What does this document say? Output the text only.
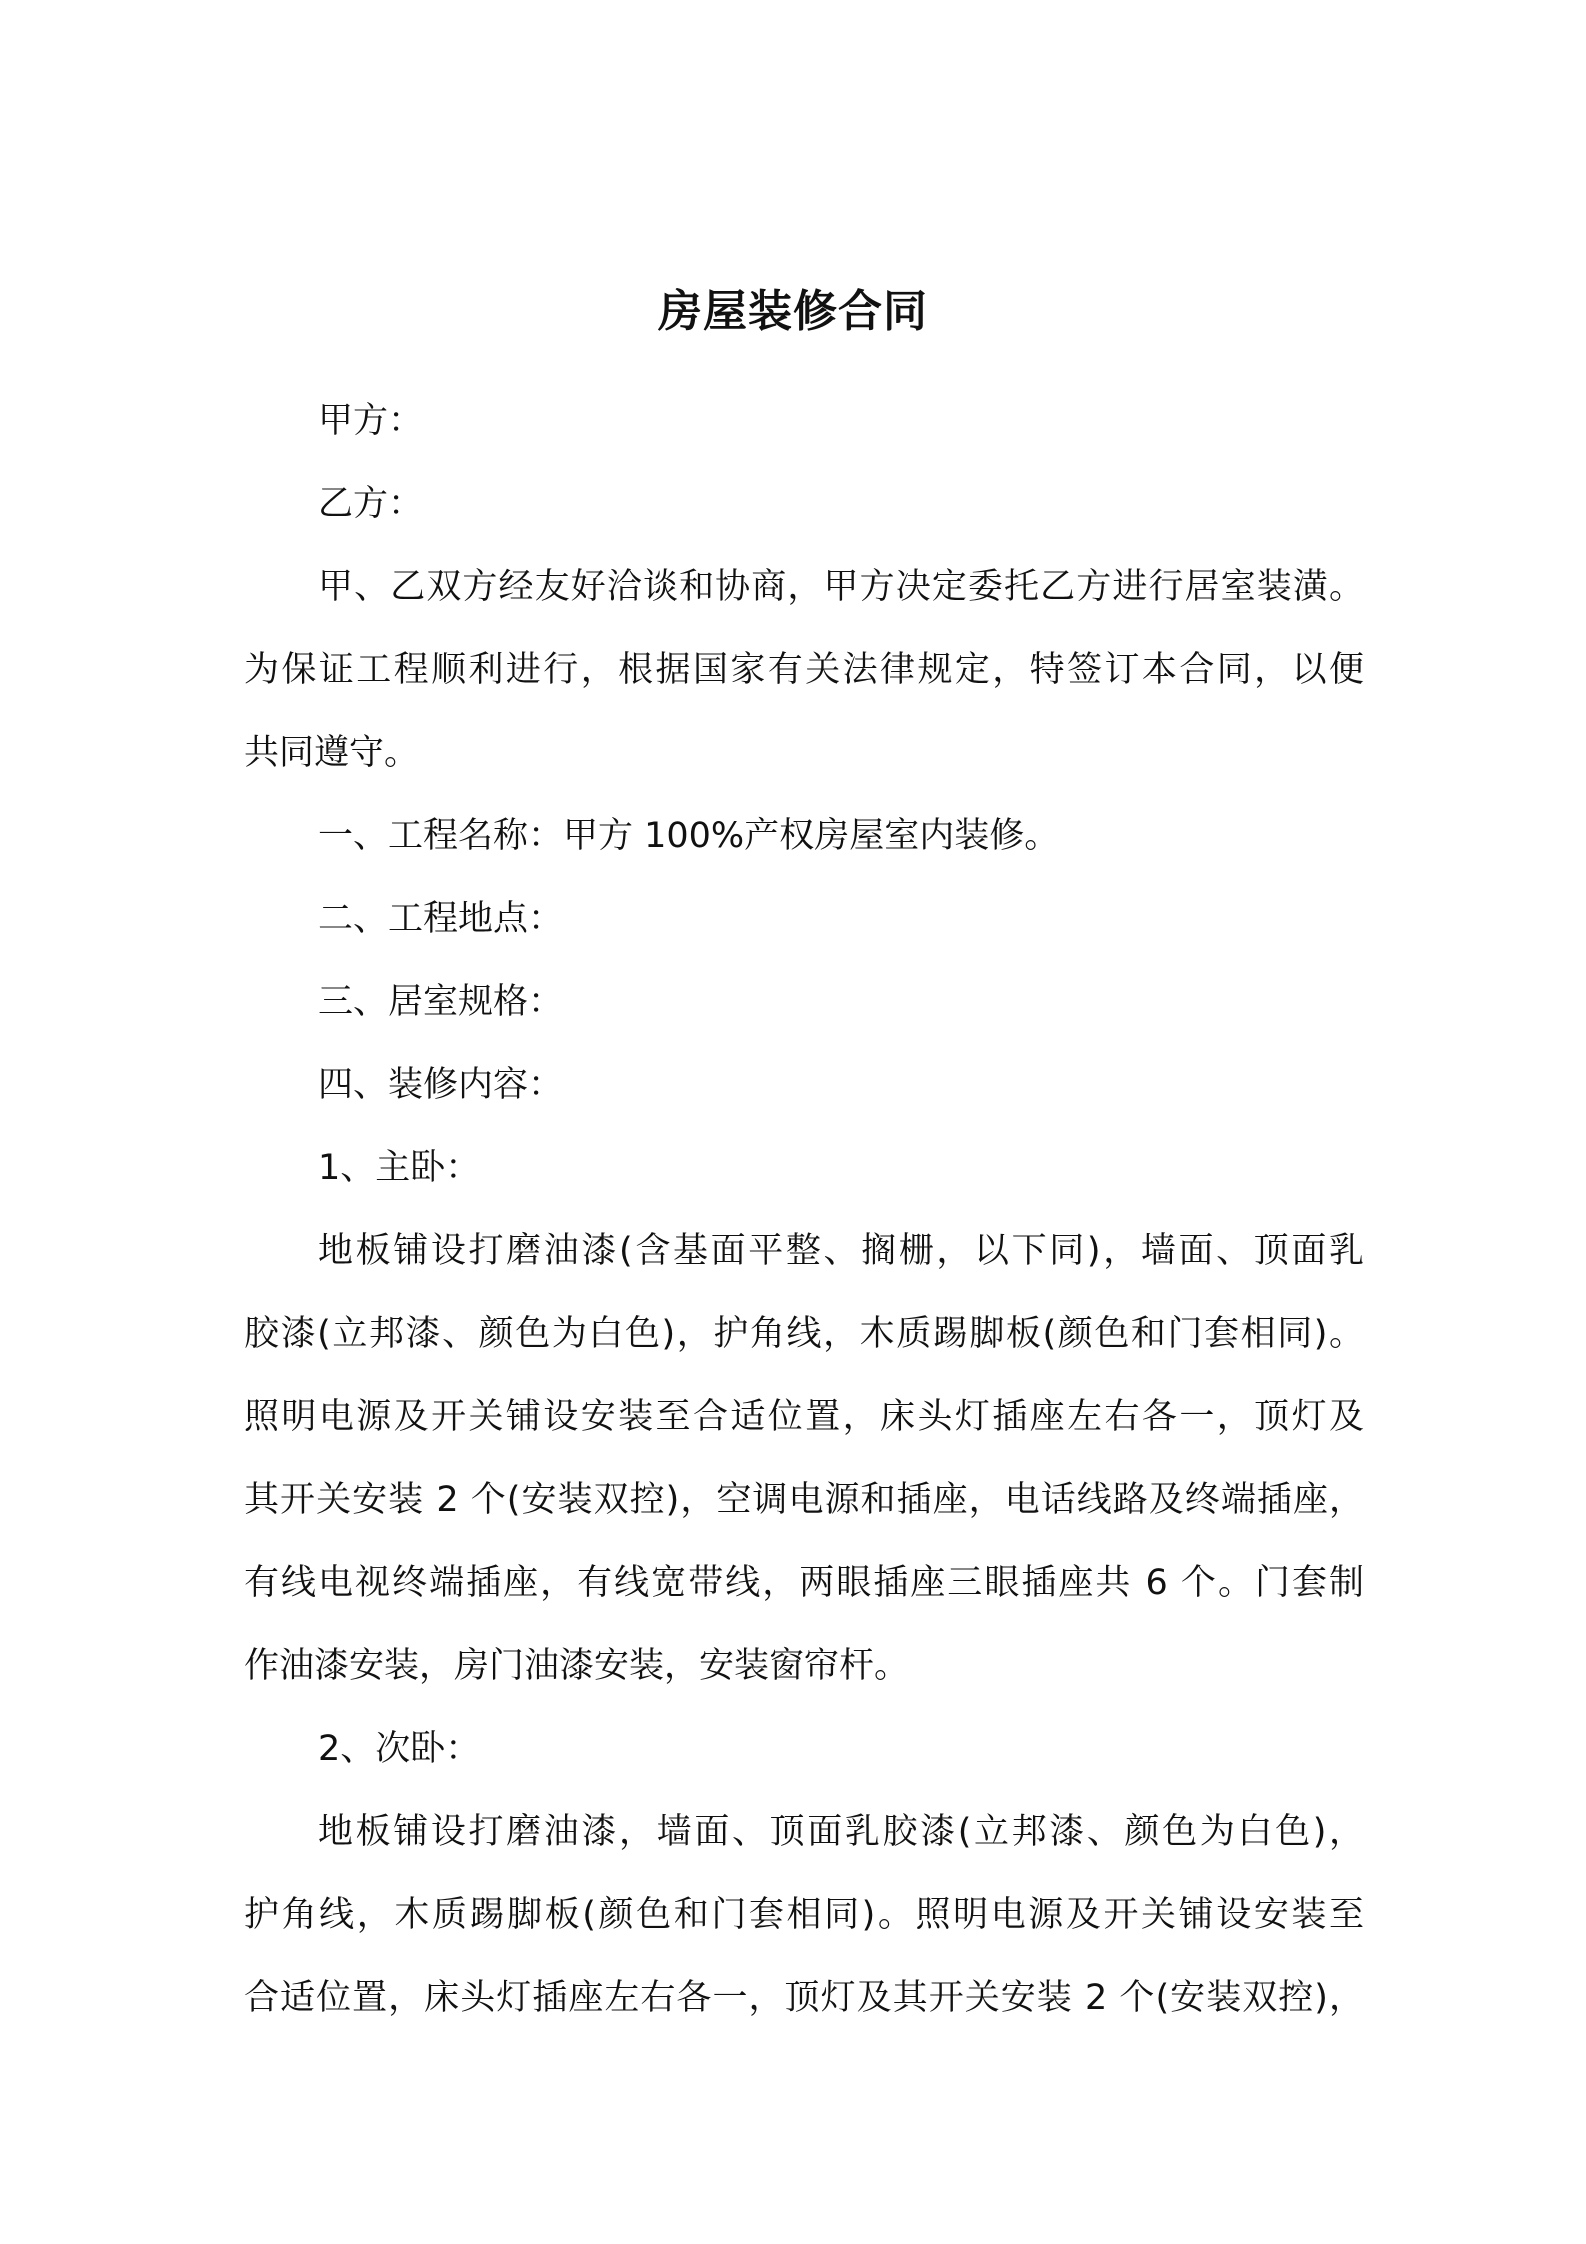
房屋装修合同
甲方：
乙方：
甲、乙双方经友好洽谈和协商，甲方决定委托乙方进行居室装潢。
为保证工程顺利进行，根据国家有关法律规定，特签订本合同，以便
共同遵守。
一、工程名称：甲方 100%产权房屋室内装修。
二、工程地点：
三、居室规格：
四、装修内容：
1、主卧：
地板铺设打磨油漆(含基面平整、搁栅，以下同)，墙面、顶面乳
胶漆(立邦漆、颜色为白色)，护角线，木质踢脚板(颜色和门套相同)。
照明电源及开关铺设安装至合适位置，床头灯插座左右各一，顶灯及
其开关安装 2 个(安装双控)，空调电源和插座，电话线路及终端插座，
有线电视终端插座，有线宽带线，两眼插座三眼插座共 6 个。门套制
作油漆安装，房门油漆安装，安装窗帘杆。
2、次卧：
地板铺设打磨油漆，墙面、顶面乳胶漆(立邦漆、颜色为白色)，
护角线，木质踢脚板(颜色和门套相同)。照明电源及开关铺设安装至
合适位置，床头灯插座左右各一，顶灯及其开关安装 2 个(安装双控)，
